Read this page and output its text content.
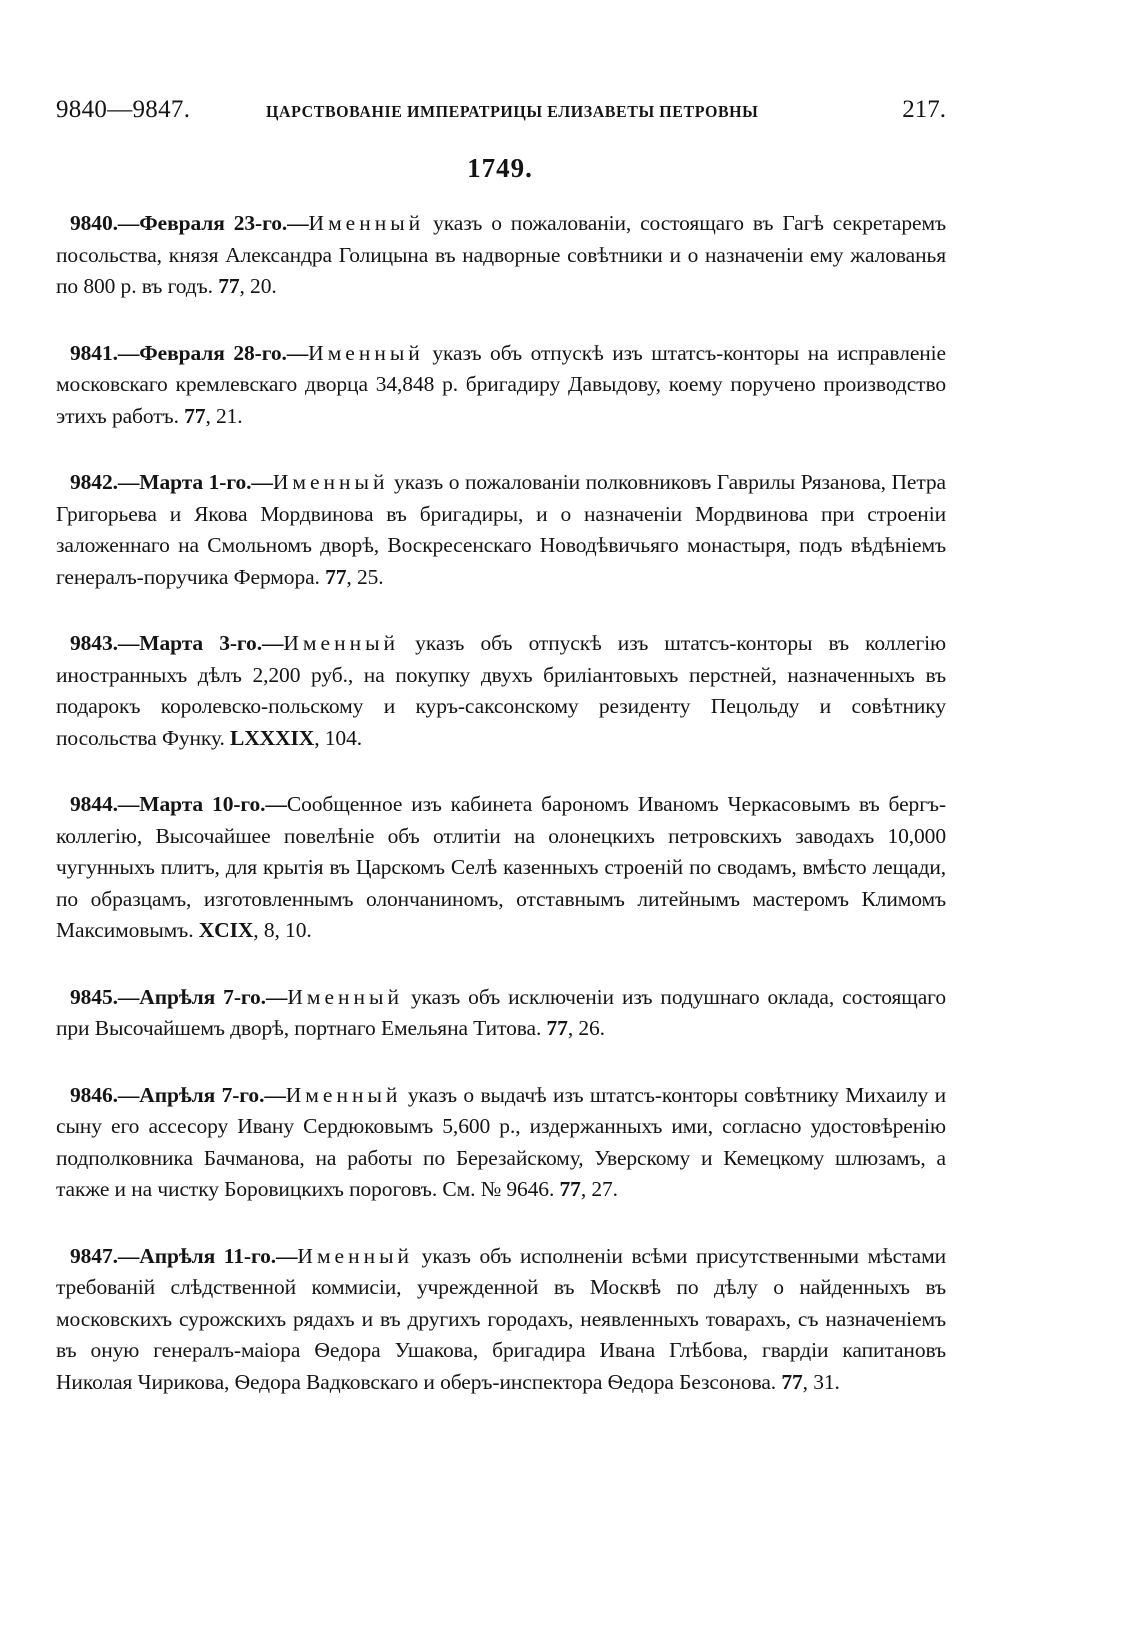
9840—9847.	ЦАРСТВОВАНІЕ ИМПЕРАТРИЦЫ ЕЛИЗАВЕТЫ ПЕТРОВНЫ	217.
1749.

9840.—Февраля 23-го.—Именный указъ о пожалованіи, состоящаго въ Гагѣ секретаремъ посольства, князя Александра Голицына въ надворные совѣтники и о назначеніи ему жалованья по 800 р. въ годъ. 77, 20.

9841.—Февраля 28-го.—Именный указъ объ отпускѣ изъ штатсъ-конторы на исправленіе московскаго кремлевскаго дворца 34,848 р. бригадиру Давыдову, коему поручено производство этихъ работъ. 77, 21.

9842.—Марта 1-го.—Именный указъ о пожалованіи полковниковъ Гаврилы Рязанова, Петра Григорьева и Якова Мордвинова въ бригадиры, и о назначеніи Мордвинова при строеніи заложеннаго на Смольномъ дворѣ, Воскресенскаго Новодѣвичьяго монастыря, подъ вѣдѣніемъ генералъ-поручика Фермора. 77, 25.

9843.—Марта 3-го.—Именный указъ объ отпускѣ изъ штатсъ-конторы въ коллегію иностранныхъ дѣлъ 2,200 руб., на покупку двухъ бриліантовыхъ перстней, назначенныхъ въ подарокъ королевско-польскому и куръ-саксонскому резиденту Пецольду и совѣтнику посольства Функу. LXXXIX, 104.

9844.—Марта 10-го.—Сообщенное изъ кабинета барономъ Иваномъ Черкасовымъ въ бергъ-коллегію, Высочайшее повелѣніе объ отлитіи на олонецкихъ петровскихъ заводахъ 10,000 чугунныхъ плитъ, для крытія въ Царскомъ Селѣ казенныхъ строеній по сводамъ, вмѣсто лещади, по образцамъ, изготовленнымъ олончаниномъ, отставнымъ литейнымъ мастеромъ Климомъ Максимовымъ. XCIX, 8, 10.

9845.—Апрѣля 7-го.—Именный указъ объ исключеніи изъ подушнаго оклада, состоящаго при Высочайшемъ дворѣ, портнаго Емельяна Титова. 77, 26.

9846.—Апрѣля 7-го.—Именный указъ о выдачѣ изъ штатсъ-конторы совѣтнику Михаилу и сыну его ассесору Ивану Сердюковымъ 5,600 р., издержанныхъ ими, согласно удостовѣренію подполковника Бачманова, на работы по Березайскому, Уверскому и Кемецкому шлюзамъ, а также и на чистку Боровицкихъ пороговъ. См. № 9646. 77, 27.

9847.—Апрѣля 11-го.—Именный указъ объ исполненіи всѣми присутственными мѣстами требованій слѣдственной коммисіи, учрежденной въ Москвѣ по дѣлу о найденныхъ въ московскихъ сурожскихъ рядахъ и въ другихъ городахъ, неявленныхъ товарахъ, съ назначеніемъ въ оную генералъ-маіора Ѳедора Ушакова, бригадира Ивана Глѣбова, гвардіи капитановъ Николая Чирикова, Ѳедора Вадковскаго и оберъ-инспектора Ѳедора Безсонова. 77, 31.
